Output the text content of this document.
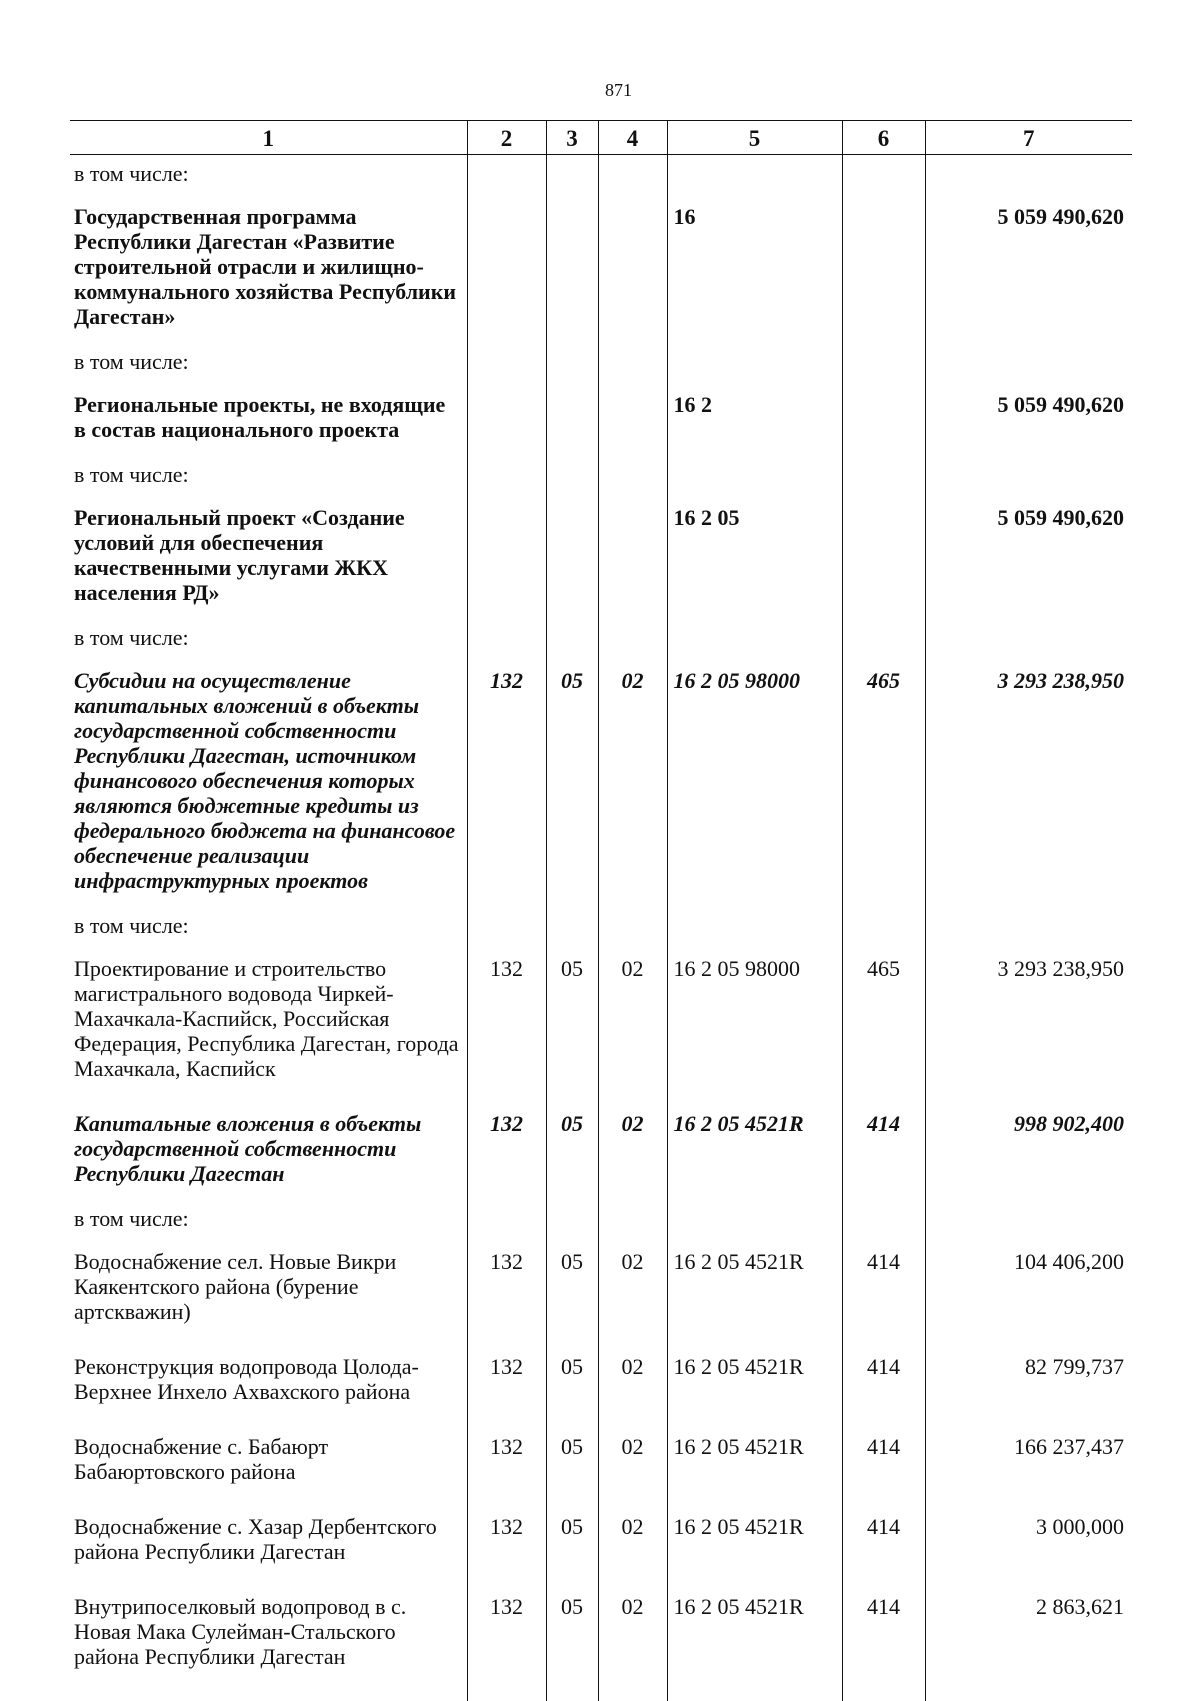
871
1	2	3	4	5	6	7
в том числе:						
Государственная программа Республики Дагестан «Развитие строительной отрасли и жилищно-коммунального хозяйства Республики Дагестан»				16		5 059 490,620
в том числе:						
Региональные проекты, не входящие в состав национального проекта				16 2		5 059 490,620
в том числе:						
Региональный проект «Создание условий для обеспечения качественными услугами ЖКХ населения РД»				16 2 05		5 059 490,620
в том числе:						
Субсидии на осуществление капитальных вложений в объекты государственной собственности Республики Дагестан, источником финансового обеспечения которых являются бюджетные кредиты из федерального бюджета на финансовое обеспечение реализации инфраструктурных проектов	132	05	02	16 2 05 98000	465	3 293 238,950
в том числе:						
Проектирование и строительство магистрального водовода Чиркей-Махачкала-Каспийск, Российская Федерация, Республика Дагестан, города Махачкала, Каспийск	132	05	02	16 2 05 98000	465	3 293 238,950
Капитальные вложения в объекты государственной собственности Республики Дагестан	132	05	02	16 2 05 4521R	414	998 902,400
в том числе:						
Водоснабжение сел. Новые Викри Каякентского района (бурение артскважин)	132	05	02	16 2 05 4521R	414	104 406,200
Реконструкция водопровода Цолода-Верхнее Инхело Ахвахского района	132	05	02	16 2 05 4521R	414	82 799,737
Водоснабжение с. Бабаюрт Бабаюртовского района	132	05	02	16 2 05 4521R	414	166 237,437
Водоснабжение с. Хазар Дербентского района Республики Дагестан	132	05	02	16 2 05 4521R	414	3 000,000
Внутрипоселковый водопровод в с. Новая Мака Сулейман-Стальского района Республики Дагестан	132	05	02	16 2 05 4521R	414	2 863,621
